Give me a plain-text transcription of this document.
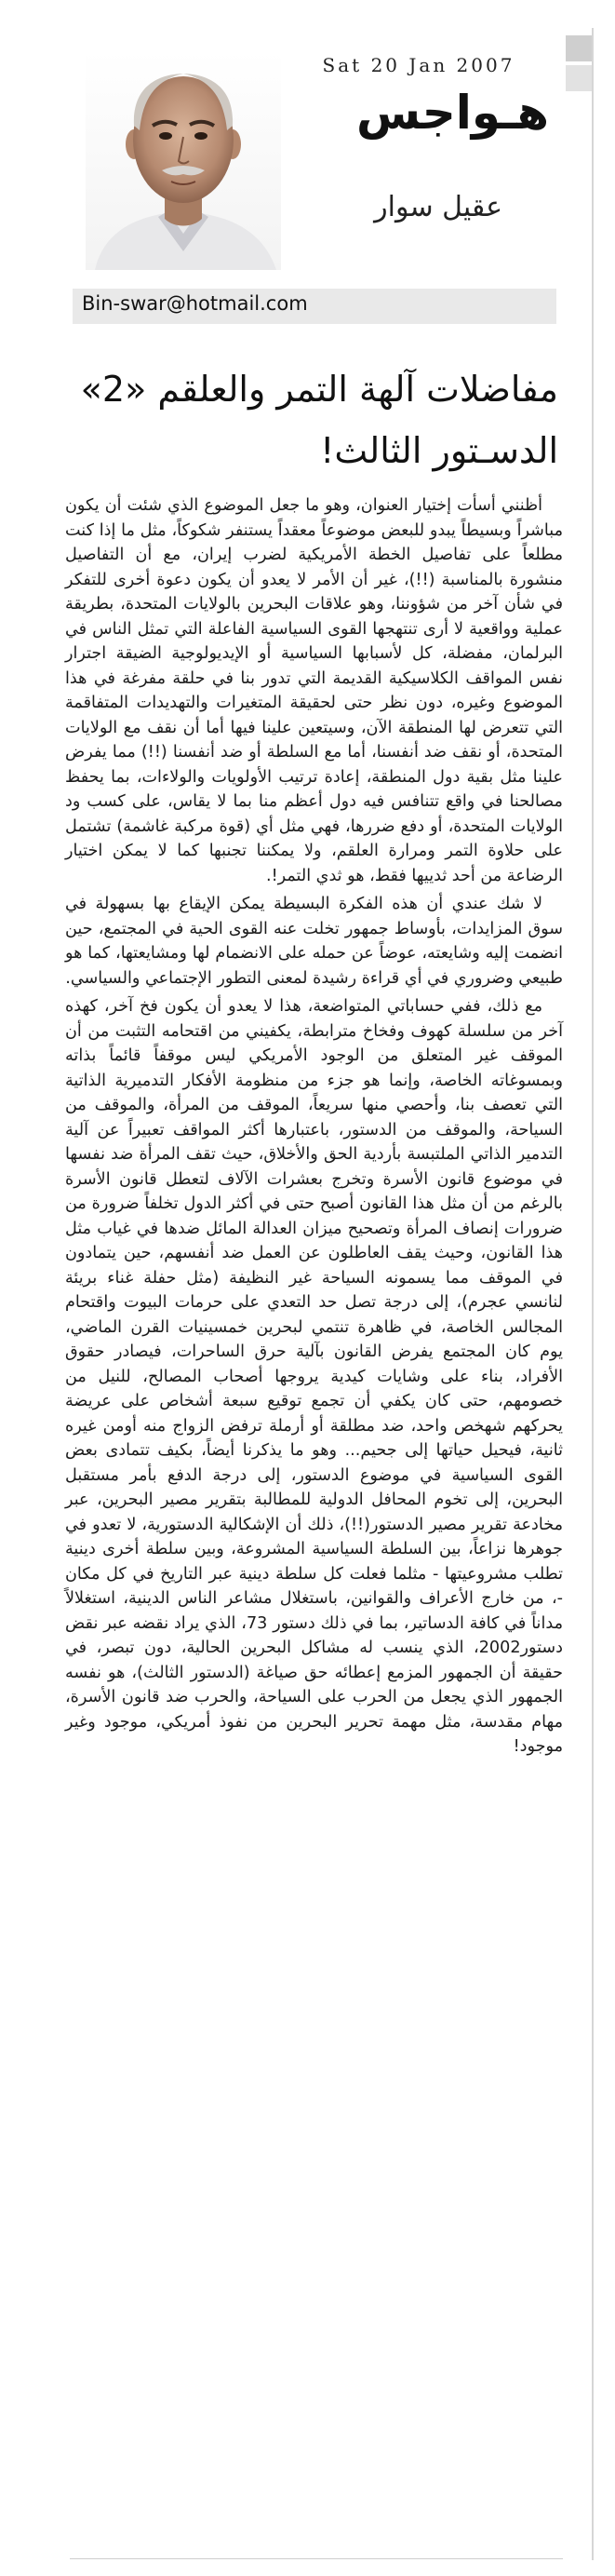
Sat 20 Jan 2007
هـواجس
عقيل سوار
Bin-swar@hotmail.com
مفاضلات آلهة التمر والعلقم «2»
الدسـتور الثالث!

أظنني أسأت إختيار العنوان، وهو ما جعل الموضوع الذي شئت أن يكون مباشراً وبسيطاً يبدو للبعض موضوعاً معقداً يستنفر شكوكاً، مثل ما إذا كنت مطلعاً على تفاصيل الخطة الأمريكية لضرب إيران، مع أن التفاصيل منشورة بالمناسبة (!!)، غير أن الأمر لا يعدو أن يكون دعوة أخرى للتفكر في شأن آخر من شؤوننا، وهو علاقات البحرين بالولايات المتحدة، بطريقة عملية وواقعية لا أرى تنتهجها القوى السياسية الفاعلة التي تمثل الناس في البرلمان، مفضلة، كل لأسبابها السياسية أو الإيديولوجية الضيقة اجترار نفس المواقف الكلاسيكية القديمة التي تدور بنا في حلقة مفرغة في هذا الموضوع وغيره، دون نظر حتى لحقيقة المتغيرات والتهديدات المتفاقمة التي تتعرض لها المنطقة الآن، وسيتعين علينا فيها أما أن نقف مع الولايات المتحدة، أو نقف ضد أنفسنا، أما مع السلطة أو ضد أنفسنا (!!) مما يفرض علينا مثل بقية دول المنطقة، إعادة ترتيب الأولويات والولاءات، بما يحفظ مصالحنا في واقع تتنافس فيه دول أعظم منا بما لا يقاس، على كسب ود الولايات المتحدة، أو دفع ضررها، فهي مثل أي (قوة مركبة غاشمة) تشتمل على حلاوة التمر ومرارة العلقم، ولا يمكننا تجنبها كما لا يمكن اختيار الرضاعة من أحد ثدييها فقط، هو ثدي التمر!.

لا شك عندي أن هذه الفكرة البسيطة يمكن الإيقاع بها بسهولة في سوق المزايدات، بأوساط جمهور تخلت عنه القوى الحية في المجتمع، حين انضمت إليه وشايعته، عوضاً عن حمله على الانضمام لها ومشايعتها، كما هو طبيعي وضروري في أي قراءة رشيدة لمعنى التطور الإجتماعي والسياسي.

مع ذلك، ففي حساباتي المتواضعة، هذا لا يعدو أن يكون فخ آخر، كهذه آخر من سلسلة كهوف وفخاخ مترابطة، يكفيني من اقتحامه التثبت من أن الموقف غير المتعلق من الوجود الأمريكي ليس موقفاً قائماً بذاته وبمسوغاته الخاصة، وإنما هو جزء من منظومة الأفكار التدميرية الذاتية التي تعصف بنا، وأحصي منها سريعاً، الموقف من المرأة، والموقف من السياحة، والموقف من الدستور، باعتبارها أكثر المواقف تعبيراً عن آلية التدمير الذاتي الملتبسة بأردية الحق والأخلاق، حيث تقف المرأة ضد نفسها في موضوع قانون الأسرة وتخرج بعشرات الآلاف لتعطل قانون الأسرة بالرغم من أن مثل هذا القانون أصبح حتى في أكثر الدول تخلفاً ضرورة من ضرورات إنصاف المرأة وتصحيح ميزان العدالة المائل ضدها في غياب مثل هذا القانون، وحيث يقف العاطلون عن العمل ضد أنفسهم، حين يتمادون في الموقف مما يسمونه السياحة غير النظيفة (مثل حفلة غناء بريئة لنانسي عجرم)، إلى درجة تصل حد التعدي على حرمات البيوت واقتحام المجالس الخاصة، في ظاهرة تنتمي لبحرين خمسينيات القرن الماضي، يوم كان المجتمع يفرض القانون بآلية حرق الساحرات، فيصادر حقوق الأفراد، بناء على وشايات كيدية يروجها أصحاب المصالح، للنيل من خصومهم، حتى كان يكفي أن تجمع توقيع سبعة أشخاص على عريضة يحركهم شهخص واحد، ضد مطلقة أو أرملة ترفض الزواج منه أومن غيره ثانية، فيحيل حياتها إلى جحيم... وهو ما يذكرنا أيضاً، بكيف تتمادى بعض القوى السياسية في موضوع الدستور، إلى درجة الدفع بأمر مستقبل البحرين، إلى تخوم المحافل الدولية للمطالبة بتقرير مصير البحرين، عبر مخادعة تقرير مصير الدستور(!!)، ذلك أن الإشكالية الدستورية، لا تعدو في جوهرها نزاعاً، بين السلطة السياسية المشروعة، وبين سلطة أخرى دينية تطلب مشروعيتها - مثلما فعلت كل سلطة دينية عبر التاريخ في كل مكان -، من خارج الأعراف والقوانين، باستغلال مشاعر الناس الدينية، استغلالاً مداناً في كافة الدساتير، بما في ذلك دستور 73، الذي يراد نقضه عبر نقض دستور2002، الذي ينسب له مشاكل البحرين الحالية، دون تبصر، في حقيقة أن الجمهور المزمع إعطائه حق صياغة (الدستور الثالث)، هو نفسه الجمهور الذي يجعل من الحرب على السياحة، والحرب ضد قانون الأسرة، مهام مقدسة، مثل مهمة تحرير البحرين من نفوذ أمريكي، موجود وغير موجود!
